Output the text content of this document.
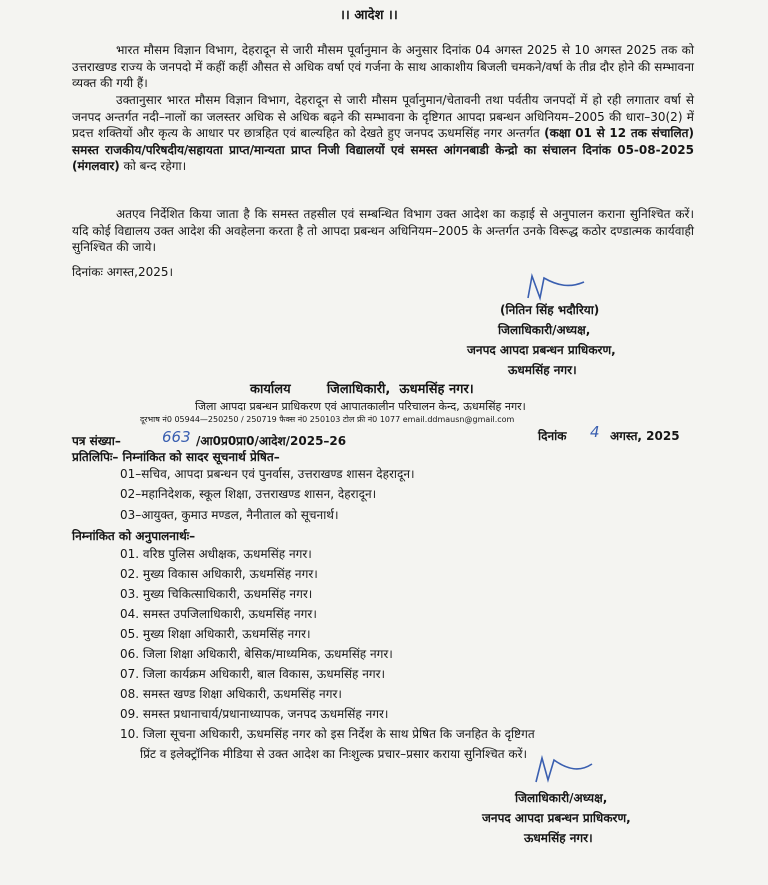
।। आदेश ।।
भारत मौसम विज्ञान विभाग, देहरादून से जारी मौसम पूर्वानुमान के अनुसार दिनांक 04 अगस्त 2025 से 10 अगस्त 2025 तक को उत्तराखण्ड राज्य के जनपदो में कहीं कहीं औसत से अधिक वर्षा एवं गर्जना के साथ आकाशीय बिजली चमकने/वर्षा के तीव्र दौर होने की सम्भावना व्यक्त की गयी हैं।
उक्तानुसार भारत मौसम विज्ञान विभाग, देहरादून से जारी मौसम पूर्वानुमान/चेतावनी तथा पर्वतीय जनपदों में हो रही लगातार वर्षा से जनपद अन्तर्गत नदी–नालों का जलस्तर अधिक से अधिक बढ़ने की सम्भावना के दृष्टिगत आपदा प्रबन्धन अधिनियम–2005 की धारा–30(2) में प्रदत्त शक्तियों और कृत्य के आधार पर छात्रहित एवं बाल्यहित को देखते हुए जनपद ऊधमसिंह नगर अन्तर्गत (कक्षा 01 से 12 तक संचालित) समस्त राजकीय/परिषदीय/सहायता प्राप्त/मान्यता प्राप्त निजी विद्यालयों एवं समस्त आंगनबाडी केन्द्रो का संचालन दिनांक 05-08-2025 (मंगलवार) को बन्द रहेगा।
अतएव निर्देशित किया जाता है कि समस्त तहसील एवं सम्बन्धित विभाग उक्त आदेश का कड़ाई से अनुपालन कराना सुनिश्चित करें। यदि कोई विद्यालय उक्त आदेश की अवहेलना करता है तो आपदा प्रबन्धन अधिनियम–2005 के अन्तर्गत उनके विरूद्ध कठोर दण्डात्मक कार्यवाही सुनिश्चित की जाये।
दिनांकः अगस्त,2025।
(नितिन सिंह भदौरिया)
जिलाधिकारी/अध्यक्ष,
जनपद आपदा प्रबन्धन प्राधिकरण,
ऊधमसिंह नगर।
कार्यालय        जिलाधिकारी,  ऊधमसिंह नगर।
जिला आपदा प्रबन्धन प्राधिकरण एवं आपातकालीन परिचालन केन्द, ऊधमसिंह नगर।
दूरभाष नं0 05944—250250 / 250719 फैक्स नं0 250103 टोल फ्री नं0 1077 email.ddmausn@gmail.com
पत्र संख्या–	663 /आ0प्र0प्रा0/आदेश/2025–26	दिनांक 4 अगस्त, 2025
प्रतिलिपिः– निम्नांकित को सादर सूचनार्थ प्रेषित–
01–सचिव, आपदा प्रबन्धन एवं पुनर्वास, उत्तराखण्ड शासन देहरादून।
02–महानिदेशक, स्कूल शिक्षा, उत्तराखण्ड शासन, देहरादून।
03–आयुक्त, कुमाउ मण्डल, नैनीताल को सूचनार्थ।
निम्नांकित को अनुपालनार्थः–
01. वरिष्ठ पुलिस अधीक्षक, ऊधमसिंह नगर।
02. मुख्य विकास अधिकारी, ऊधमसिंह नगर।
03. मुख्य चिकित्साधिकारी, ऊधमसिंह नगर।
04. समस्त उपजिलाधिकारी, ऊधमसिंह नगर।
05. मुख्य शिक्षा अधिकारी, ऊधमसिंह नगर।
06. जिला शिक्षा अधिकारी, बेसिक/माध्यमिक, ऊधमसिंह नगर।
07. जिला कार्यक्रम अधिकारी, बाल विकास, ऊधमसिंह नगर।
08. समस्त खण्ड शिक्षा अधिकारी, ऊधमसिंह नगर।
09. समस्त प्रधानाचार्य/प्रधानाध्यापक, जनपद ऊधमसिंह नगर।
10. जिला सूचना अधिकारी, ऊधमसिंह नगर को इस निर्देश के साथ प्रेषित कि जनहित के दृष्टिगत
प्रिंट व इलेक्ट्रॉनिक मीडिया से उक्त आदेश का निःशुल्क प्रचार–प्रसार कराया सुनिश्चित करें।
जिलाधिकारी/अध्यक्ष,
जनपद आपदा प्रबन्धन प्राधिकरण,
ऊधमसिंह नगर।
